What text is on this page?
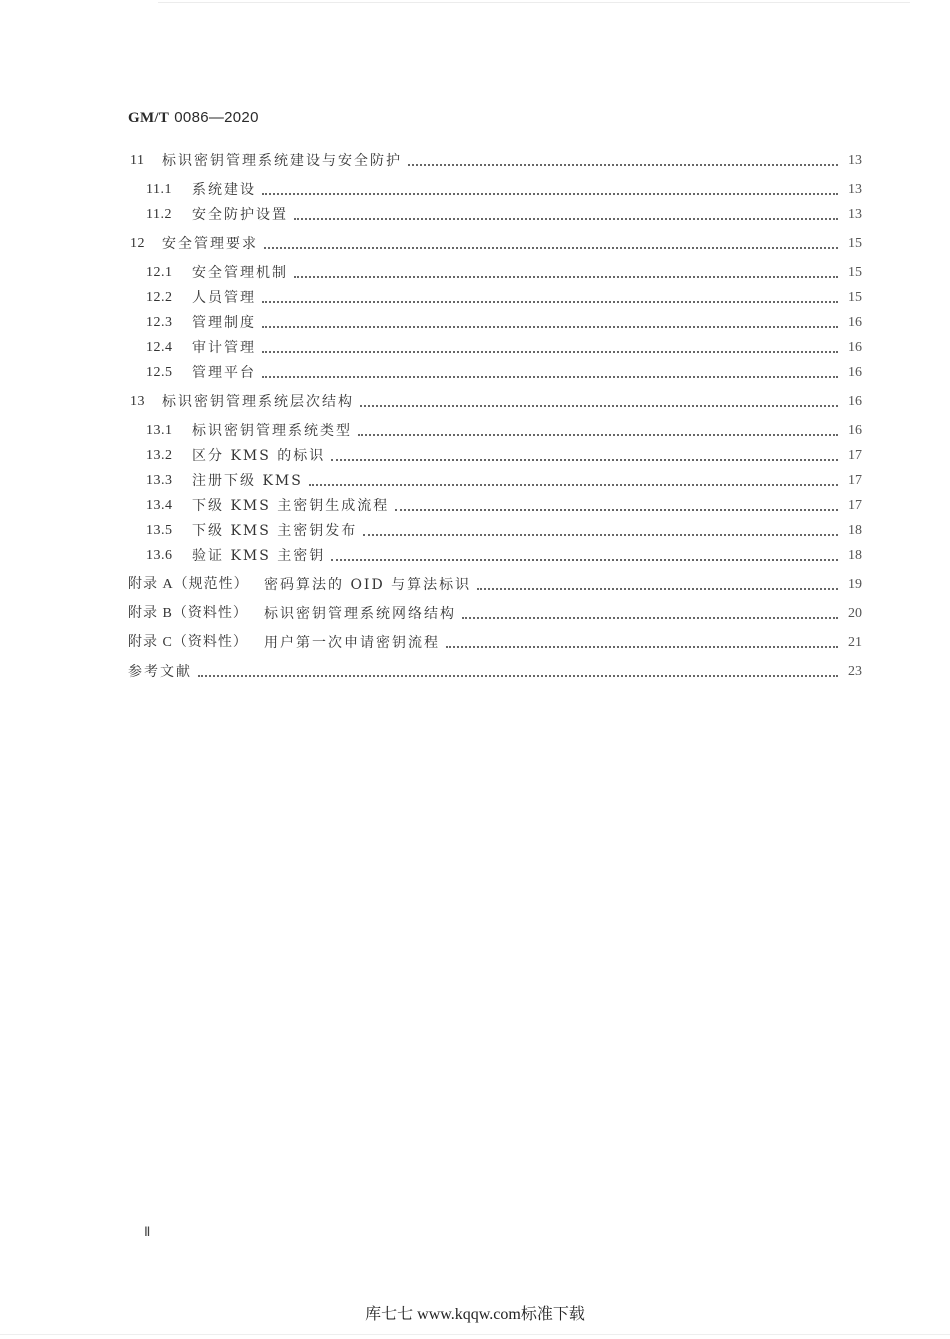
GM/T 0086—2020
11	标识密钥管理系统建设与安全防护	13
11.1	系统建设	13
11.2	安全防护设置	13
12	安全管理要求	15
12.1	安全管理机制	15
12.2	人员管理	15
12.3	管理制度	16
12.4	审计管理	16
12.5	管理平台	16
13	标识密钥管理系统层次结构	16
13.1	标识密钥管理系统类型	16
13.2	区分 KMS 的标识	17
13.3	注册下级 KMS	17
13.4	下级 KMS 主密钥生成流程	17
13.5	下级 KMS 主密钥发布	18
13.6	验证 KMS 主密钥	18
附录 A（规范性）	密码算法的 OID 与算法标识	19
附录 B（资料性）	标识密钥管理系统网络结构	20
附录 C（资料性）	用户第一次申请密钥流程	21
参考文献	23
Ⅱ
库七七 www.kqqw.com标准下载
